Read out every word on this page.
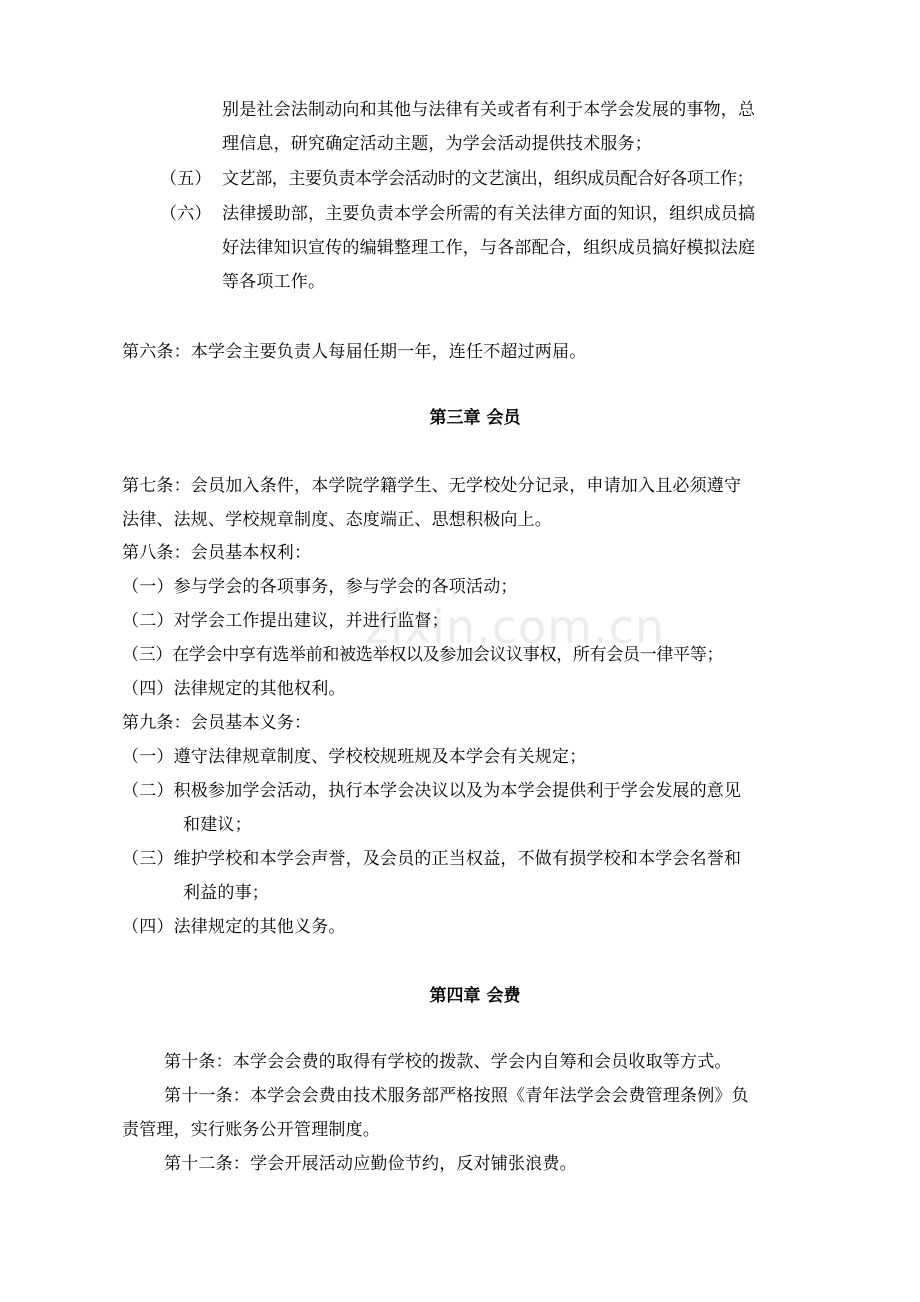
别是社会法制动向和其他与法律有关或者有利于本学会发展的事物，总
理信息，研究确定活动主题，为学会活动提供技术服务；
（五） 文艺部，主要负责本学会活动时的文艺演出，组织成员配合好各项工作；
（六） 法律援助部，主要负责本学会所需的有关法律方面的知识，组织成员搞
好法律知识宣传的编辑整理工作，与各部配合，组织成员搞好模拟法庭
等各项工作。
第六条：本学会主要负责人每届任期一年，连任不超过两届。
第三章 会员
第七条：会员加入条件，本学院学籍学生、无学校处分记录，申请加入且必须遵守
法律、法规、学校规章制度、态度端正、思想积极向上。
第八条：会员基本权利：
（一）参与学会的各项事务，参与学会的各项活动；
（二）对学会工作提出建议，并进行监督；
（三）在学会中享有选举前和被选举权以及参加会议议事权，所有会员一律平等；
（四）法律规定的其他权利。
第九条：会员基本义务：
（一）遵守法律规章制度、学校校规班规及本学会有关规定；
（二）积极参加学会活动，执行本学会决议以及为本学会提供利于学会发展的意见
和建议；
（三）维护学校和本学会声誉，及会员的正当权益，不做有损学校和本学会名誉和
利益的事；
（四）法律规定的其他义务。
第四章 会费
第十条：本学会会费的取得有学校的拨款、学会内自筹和会员收取等方式。
第十一条：本学会会费由技术服务部严格按照《青年法学会会费管理条例》负
责管理，实行账务公开管理制度。
第十二条：学会开展活动应勤俭节约，反对铺张浪费。
zixin.com.cn
